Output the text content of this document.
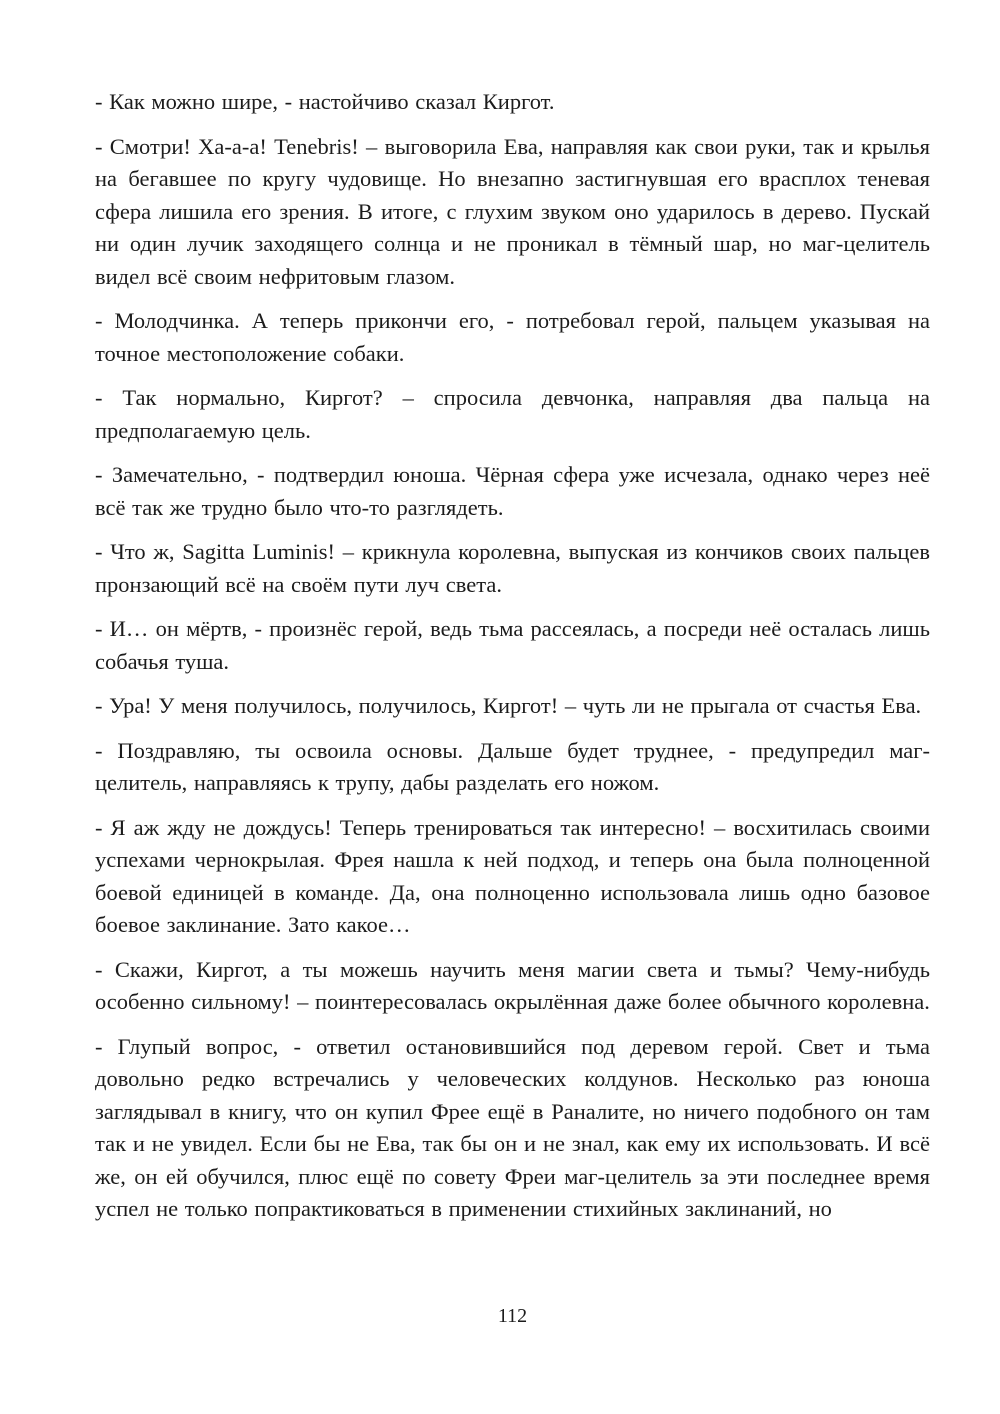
- Как можно шире, - настойчиво сказал Киргот.

- Смотри! Ха-а-а! Tenebris! – выговорила Ева, направляя как свои руки, так и крылья на бегавшее по кругу чудовище. Но внезапно застигнувшая его врасплох теневая сфера лишила его зрения. В итоге, с глухим звуком оно ударилось в дерево. Пускай ни один лучик заходящего солнца и не проникал в тёмный шар, но маг-целитель видел всё своим нефритовым глазом.

- Молодчинка. А теперь прикончи его, - потребовал герой, пальцем указывая на точное местоположение собаки.

- Так нормально, Киргот? – спросила девчонка, направляя два пальца на предполагаемую цель.

- Замечательно, - подтвердил юноша. Чёрная сфера уже исчезала, однако через неё всё так же трудно было что-то разглядеть.

- Что ж, Sagitta Luminis! – крикнула королевна, выпуская из кончиков своих пальцев пронзающий всё на своём пути луч света.

- И… он мёртв, - произнёс герой, ведь тьма рассеялась, а посреди неё осталась лишь собачья туша.

- Ура! У меня получилось, получилось, Киргот! – чуть ли не прыгала от счастья Ева.

- Поздравляю, ты освоила основы. Дальше будет труднее, - предупредил маг-целитель, направляясь к трупу, дабы разделать его ножом.

- Я аж жду не дождусь! Теперь тренироваться так интересно! – восхитилась своими успехами чернокрылая. Фрея нашла к ней подход, и теперь она была полноценной боевой единицей в команде. Да, она полноценно использовала лишь одно базовое боевое заклинание. Зато какое…

- Скажи, Киргот, а ты можешь научить меня магии света и тьмы? Чему-нибудь особенно сильному! – поинтересовалась окрылённая даже более обычного королевна.

- Глупый вопрос, - ответил остановившийся под деревом герой. Свет и тьма довольно редко встречались у человеческих колдунов. Несколько раз юноша заглядывал в книгу, что он купил Фрее ещё в Раналите, но ничего подобного он там так и не увидел. Если бы не Ева, так бы он и не знал, как ему их использовать. И всё же, он ей обучился, плюс ещё по совету Фреи маг-целитель за эти последнее время успел не только попрактиковаться в применении стихийных заклинаний, но

112
